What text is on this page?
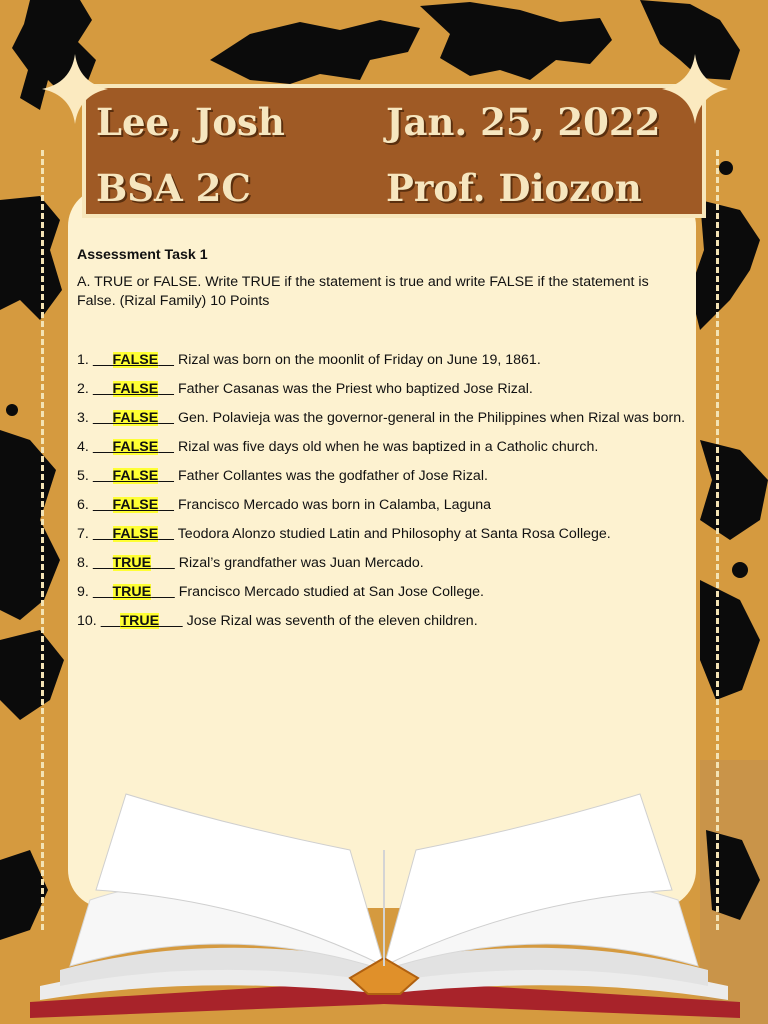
Lee, Josh	Jan. 25, 2022
BSA 2C	Prof. Diozon
Assessment Task 1
A. TRUE or FALSE. Write TRUE if the statement is true and write FALSE if the statement is False. (Rizal Family) 10 Points
1. FALSE Rizal was born on the moonlit of Friday on June 19, 1861.
2. FALSE Father Casanas was the Priest who baptized Jose Rizal.
3. FALSE Gen. Polavieja was the governor-general in the Philippines when Rizal was born.
4. FALSE Rizal was five days old when he was baptized in a Catholic church.
5. FALSE Father Collantes was the godfather of Jose Rizal.
6. FALSE Francisco Mercado was born in Calamba, Laguna
7. FALSE Teodora Alonzo studied Latin and Philosophy at Santa Rosa College.
8. TRUE Rizal’s grandfather was Juan Mercado.
9. TRUE Francisco Mercado studied at San Jose College.
10. TRUE Jose Rizal was seventh of the eleven children.
